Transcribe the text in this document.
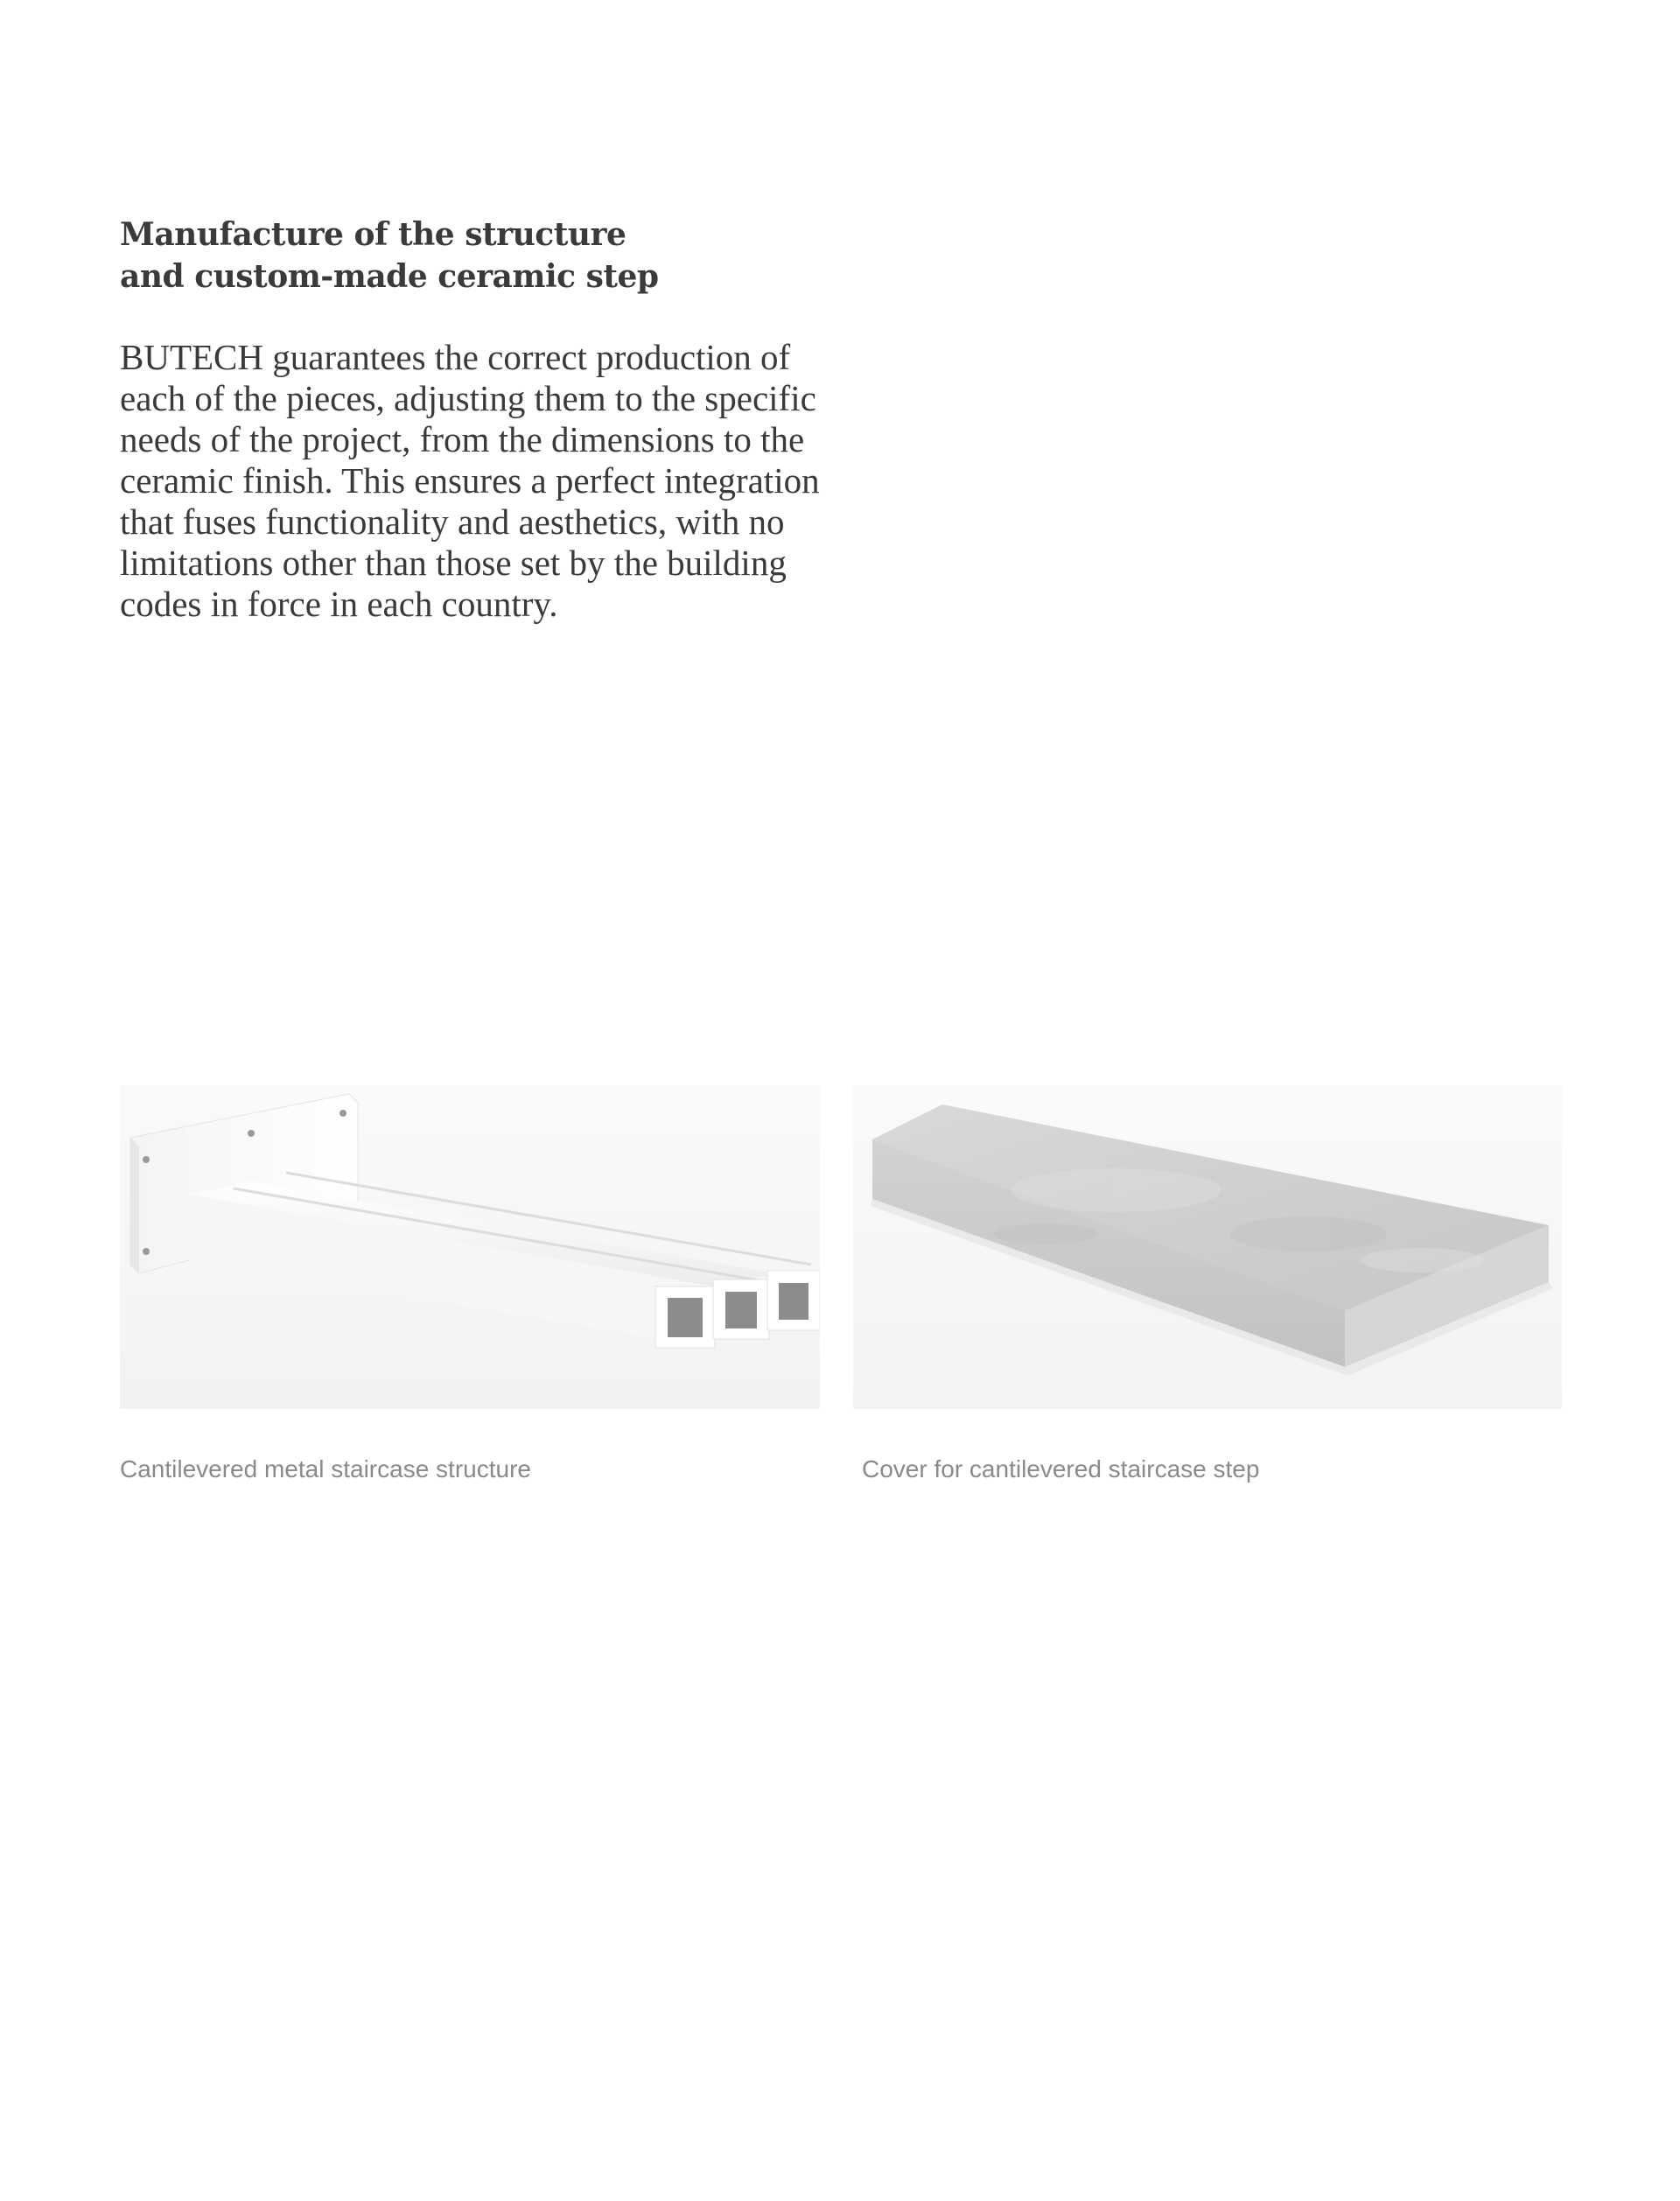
Manufacture of the structure
and custom-made ceramic step

BUTECH guarantees the correct production of
each of the pieces, adjusting them to the specific
needs of the project, from the dimensions to the
ceramic finish. This ensures a perfect integration
that fuses functionality and aesthetics, with no
limitations other than those set by the building
codes in force in each country.

Cantilevered metal staircase structure	Cover for cantilevered staircase step
